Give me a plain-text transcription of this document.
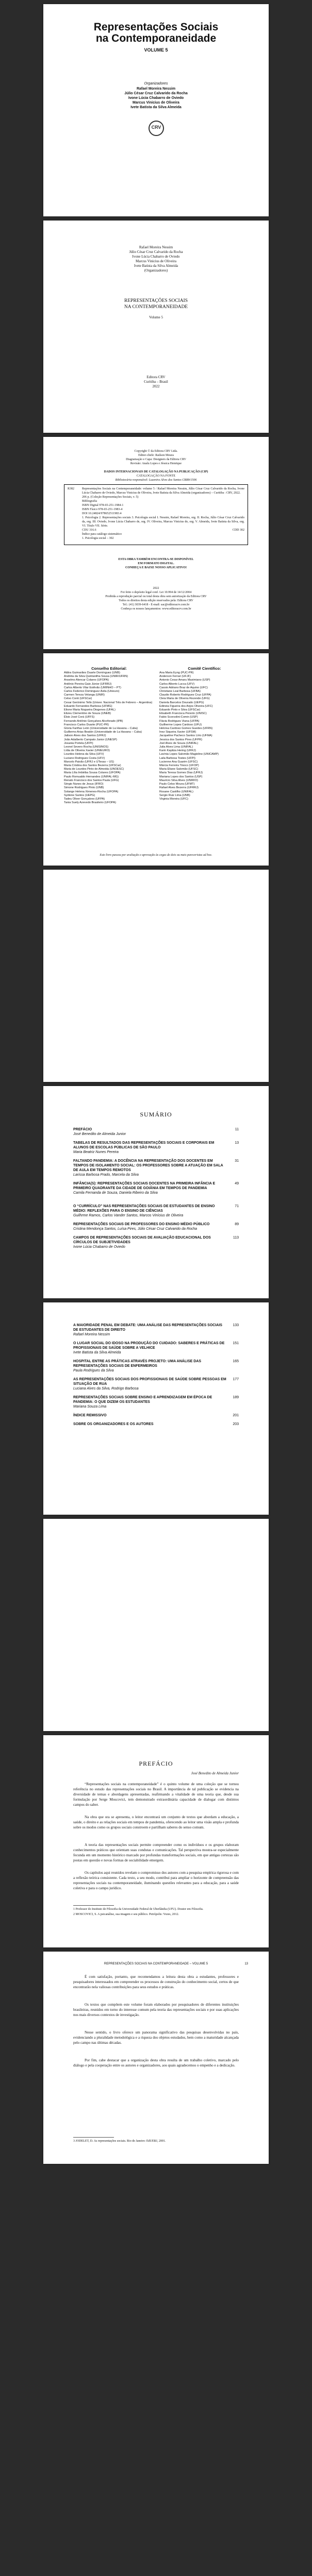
Representações Sociais
na Contemporaneidade
VOLUME 5
Organizadores
Rafael Moreira Nessim
Júlio César Cruz Calvarido da Rocha
Ivone Lúcia Chabarro de Oviedo
Marcus Vinicius de Oliveira
Ivete Batista da Silva Almeida
CRV
Rafael Moreira Nessim
Júlio César Cruz Calvarido da Rocha
Ivone Lúcia Chabarro de Oviedo
Marcus Vinicius de Oliveira
Ivete Batista da Silva Almeida
(Organizadores)
REPRESENTAÇÕES SOCIAIS
NA CONTEMPORANEIDADE
Volume 5
Editora CRV
Curitiba – Brasil
2022
Copyright © da Editora CRV Ltda.
Editor-chefe: Railson Moura
Diagramação e Capa: Designers da Editora CRV
Revisão: Analu Lopes e Jéssica Henrique
DADOS INTERNACIONAIS DE CATALOGAÇÃO NA PUBLICAÇÃO (CIP)
CATALOGAÇÃO NA FONTE
Bibliotecária responsável: Luzenira Alves dos Santos CRB9/1506
R382	Representações Sociais na Contemporaneidade: volume 5 / Rafael Moreira Nessim, Júlio César Cruz Calvarido da Rocha, Ivone Lúcia Chabarro de Oviedo, Marcus Vinicius de Oliveira, Ivete Batista da Silva Almeida (organizadores) – Curitiba : CRV, 2022.
206 p. (Coleção Representações Sociais, v. 5)
Bibliografia
ISBN Digital 978-65-251-1984-1
ISBN Físico 978-65-251-1983-4
DOI 10.24824/978652511983.4
1. Psicologia 2. Representações sociais 3. Psicologia social I. Nessim, Rafael Moreira, org. II. Rocha, Júlio César Cruz Calvarido da, org. III. Oviedo, Ivone Lúcia Chabarro de, org. IV. Oliveira, Marcus Vinicius de, org. V. Almeida, Ivete Batista da Silva, org. VI. Título VII. Série.
CDU 316.6	CDD 302
Índice para catálogo sistemático
1. Psicologia social – 302
ESTA OBRA TAMBÉM ENCONTRA-SE DISPONÍVEL
EM FORMATO DIGITAL.
CONHEÇA E BAIXE NOSSO APLICATIVO!
2022
Foi feito o depósito legal conf. Lei 10.994 de 14/12/2004
Proibida a reprodução parcial ou total desta obra sem autorização da Editora CRV
Todos os direitos desta edição reservados pela: Editora CRV
Tel.: (41) 3039-6418 - E-mail: sac@editoracrv.com.br
Conheça os nossos lançamentos: www.editoracrv.com.br
Conselho Editorial:
Aldira Guimarães Duarte Domínguez (UNB)
Andréia da Silva Quintanilha Sousa (UNIR/UFRN)
Anselmo Alencar Colares (UFOPA)
Antônio Pereira Gaio Júnior (UFRRJ)
Carlos Alberto Vilar Estêvão (UMINHO – PT)
Carlos Federico Dominguez Avila (Unieuro)
Carmen Tereza Velanga (UNIR)
Celso Conti (UFSCar)
Cesar Gerónimo Tello (Univer. Nacional Três de Febrero – Argentina)
Eduardo Fernandes Barbosa (UFMG)
Elione Maria Nogueira Diogenes (UFAL)
Elizeu Clementino de Souza (UNEB)
Élsio José Corá (UFFS)
Fernando Antônio Gonçalves Alcoforado (IPB)
Francisco Carlos Duarte (PUC-PR)
Gloria Fariñas León (Universidade de La Havana – Cuba)
Guillermo Arias Beatón (Universidade de La Havana – Cuba)
Jailson Alves dos Santos (UFRJ)
João Adalberto Campato Junior (UNESP)
Josania Portela (UFPI)
Leonel Severo Rocha (UNISINOS)
Lídia de Oliveira Xavier (UNIEURO)
Lourdes Helena da Silva (UFV)
Luciano Rodrigues Costa (UFV)
Marcelo Paixão (UFRJ e UTexas – US)
Maria Cristina dos Santos Bezerra (UFSCar)
Maria de Lourdes Pinto de Almeida (UNOESC)
Maria Lília Imbiriba Sousa Colares (UFOPA)
Paulo Romualdo Hernandes (UNIFAL-MG)
Renato Francisco dos Santos Paula (UFG)
Sérgio Nunes de Jesus (IFRO)
Simone Rodrigues Pinto (UNB)
Solange Helena Ximenes-Rocha (UFOPA)
Sydione Santos (UEPG)
Tadeu Oliver Gonçalves (UFPA)
Tania Suely Azevedo Brasileiro (UFOPA)
Comitê Científico:
Ana Maria Eyng (PUC-PR)
Anderson Ferrari (UFJF)
Antonio Cesar Amaru Maximiano (USP)
Carlos Alberto Lucca (UFV)
Cassio Adriano Braz de Aquino (UFC)
Christiane Leal Barbosa (UFBA)
Claudio Roberto Rodrigues Cruz (UFPA)
Cleia Maria de Oliveira Rezende (UFG)
Daniela Barcelos Dourado (UEPG)
Edineia Figueira dos Anjos Oliveira (UFC)
Eduardo Pinto e Silva (UFSCar)
Elisabeth Francisca Peixoto (UNISC)
Fabio Scorsolini-Comin (USP)
Flávia Rodrigues Viana (UFPA)
Guilherme Lopes Cardoso (UFU)
Heloísa Cardoso Gomes Guedes (UFRN)
Inez Siqueira Xavier (UFSM)
Jacqueline Pacheco Santos Lírio (UFMA)
Jessica dos Santos Pires (UFPR)
Joel Alves de Souza (UNIFAL)
Julia Alves Lima (UNIFAL)
Karin Kapitza Hering (UFRJ)
Lavínia Lopes Salomão Magiolino (UNICAMP)
Laila Barbosa Tostes (UFPI)
Lucienne Ana Guarim (UFSC)
Márcia Ferreira Tinoco (UFOP)
Maria Eliane Salomão (UFSC)
Maria Teresa Gomes Dias (UFRJ)
Mariana Lopes dos Santos (USP)
Maurício Silva Alves (UNIRIO)
Paulo Celso Moura (UFMT)
Rafael Alves Bezerra (UFRRJ)
Rosane Castilho (UNIFAL)
Sergio Ruiz Lima (UNB)
Virginia Moreira (UFC)
Este livro passou por avaliação e aprovação às cegas de dois ou mais pareceristas ad hoc.
SUMÁRIO
PREFÁCIO
José Benedito de Almeida Junior
11
TABELAS DE RESULTADOS DAS REPRESENTAÇÕES SOCIAIS E CORPORAIS EM ALUNOS DE ESCOLAS PÚBLICAS DE SÃO PAULO
Maria Beatriz Nunes Pereira
13
FALTANDO PANDEMIA: A DOCÊNCIA NA REPRESENTAÇÃO DOS DOCENTES EM TEMPOS DE ISOLAMENTO SOCIAL: OS PROFESSORES SOBRE A ATUAÇÃO EM SALA DE AULA EM TEMPOS REMOTOS
Larissa Barbosa Prado, Marcela da Silva
31
INFÂNCIA(S): REPRESENTAÇÕES SOCIAIS DOCENTES NA PRIMEIRA INFÂNCIA E PRIMEIRO QUADRANTE DA CIDADE DE GOIÂNIA EM TEMPOS DE PANDEMIA
Camila Fernanda de Souza, Daniela Ribeiro da Silva
49
O “CURRÍCULO” NAS REPRESENTAÇÕES SOCIAIS DE ESTUDANTES DE ENSINO MÉDIO: REFLEXÕES PARA O ENSINO DE CIÊNCIAS
Guilhrme Ramos, Carlos Vander Santos, Marcos Vinícius de Oliveira
71
REPRESENTAÇÕES SOCIAIS DE PROFESSORES DO ENSINO MÉDIO PÚBLICO
Cristina Mendonça Santos, Luísa Pires, Júlio César Cruz Calvarido da Rocha
89
CAMPOS DE REPRESENTAÇÕES SOCIAIS DE AVALIAÇÃO EDUCACIONAL DOS CÍRCULOS DE SUBJETIVIDADES
Ivone Lúcia Chabarro de Oviedo
113
A MAIORIDADE PENAL EM DEBATE: UMA ANÁLISE DAS REPRESENTAÇÕES SOCIAIS DE ESTUDANTES DE DIREITO
Rafael Moreira Nessim
133
O LUGAR SOCIAL DO IDOSO NA PRODUÇÃO DO CUIDADO: SABERES E PRÁTICAS DE PROFISSIONAIS DE SAÚDE SOBRE A VELHICE
Ivete Batista da Silva Almeida
151
HOSPITAL ENTRE AS PRÁTICAS ATRAVÉS PROJETO: UMA ANÁLISE DAS REPRESENTAÇÕES SOCIAIS DE ENFERMEIROS
Paula Rodrigues da Silva
165
AS REPRESENTAÇÕES SOCIAIS DOS PROFISSIONAIS DE SAÚDE SOBRE PESSOAS EM SITUAÇÃO DE RUA
Luciana Alves da Silva, Rodrigo Barbosa
177
REPRESENTAÇÕES SOCIAIS SOBRE ENSINO E APRENDIZAGEM EM ÉPOCA DE PANDEMIA: O QUE DIZEM OS ESTUDANTES
Mariana Souza Lima
189
ÍNDICE REMISSIVO	201
SOBRE OS ORGANIZADORES E OS AUTORES	203
PREFÁCIO
José Benedito de Almeida Junior
“Representações sociais na contemporaneidade” é o quinto volume de uma coleção que se tornou referência no estudo das representações sociais no Brasil. A importância de tal publicação se evidencia na diversidade de temas e abordagens apresentadas, reafirmando a vitalidade de uma teoria que, desde sua formulação por Serge Moscovici, tem demonstrado extraordinária capacidade de dialogar com distintos campos do saber.
Na obra que ora se apresenta, o leitor encontrará um conjunto de textos que abordam a educação, a saúde, o direito e as relações sociais em tempos de pandemia, oferecendo ao leitor uma visão ampla e profunda sobre os modos como os grupos sociais constroem e partilham saberes do senso comum.
A teoria das representações sociais permite compreender como os indivíduos e os grupos elaboram conhecimentos práticos que orientam suas condutas e comunicações. Tal perspectiva mostra-se especialmente fecunda em um momento histórico marcado por profundas transformações sociais, em que antigas certezas são postas em questão e novas formas de sociabilidade emergem.
Os capítulos aqui reunidos revelam o compromisso dos autores com a pesquisa empírica rigorosa e com a reflexão teórica consistente. Cada texto, a seu modo, contribui para ampliar o horizonte de compreensão das representações sociais na contemporaneidade, iluminando questões relevantes para a educação, para a saúde coletiva e para o campo jurídico.
1 Professor do Instituto de Filosofia da Universidade Federal de Uberlândia (UFU). Doutor em Filosofia.
2 MOSCOVICI, S. A psicanálise, sua imagem e seu público. Petrópolis: Vozes, 2012.
REPRESENTAÇÕES SOCIAIS NA CONTEMPORANEIDADE – VOLUME 5	13
É com satisfação, portanto, que recomendamos a leitura desta obra a estudantes, professores e pesquisadores interessados em compreender os processos de construção do conhecimento social, certos de que encontrarão nela valiosas contribuições para seus estudos e práticas.
Os textos que compõem este volume foram elaborados por pesquisadores de diferentes instituições brasileiras, reunidos em torno do interesse comum pela teoria das representações sociais e por suas aplicações nos mais diversos contextos de investigação.
Nesse sentido, o livro oferece um panorama significativo das pesquisas desenvolvidas no país, evidenciando a pluralidade metodológica e a riqueza dos objetos estudados, bem como a maturidade alcançada pelo campo nas últimas décadas.
Por fim, cabe destacar que a organização desta obra resulta de um trabalho coletivo, marcado pelo diálogo e pela cooperação entre os autores e organizadores, aos quais agradecemos o empenho e a dedicação.
3 JODELET, D. As representações sociais. Rio de Janeiro: EdUERJ, 2001.
